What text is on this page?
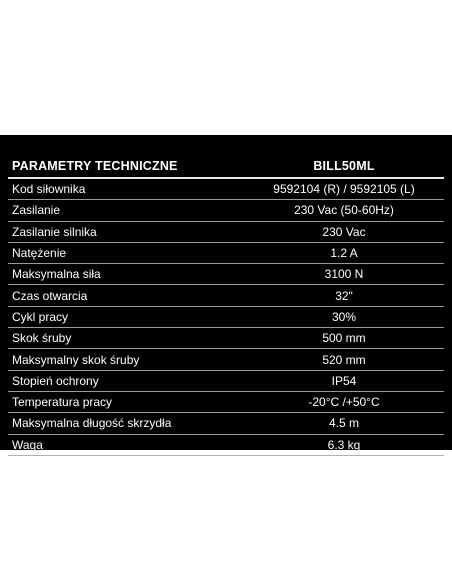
PARAMETRY TECHNICZNE	BILL50ML
Kod siłownika	9592104 (R) / 9592105 (L)
Zasilanie	230 Vac (50-60Hz)
Zasilanie silnika	230 Vac
Natężenie	1.2 A
Maksymalna siła	3100 N
Czas otwarcia	32"
Cykl pracy	30%
Skok śruby	500 mm
Maksymalny skok śruby	520 mm
Stopień ochrony	IP54
Temperatura pracy	-20°C /+50°C
Maksymalna długość skrzydła	4.5 m
Waga	6.3 kg
